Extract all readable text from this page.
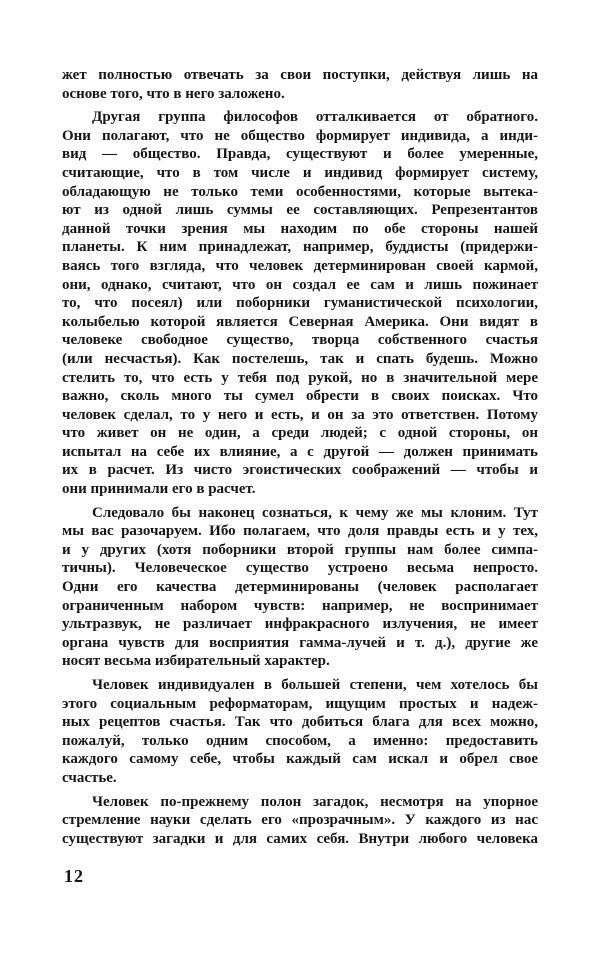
жет полностью отвечать за свои поступки, действуя лишь на
основе того, что в него заложено.
Другая группа философов отталкивается от обратного.
Они полагают, что не общество формирует индивида, а инди-
вид — общество. Правда, существуют и более умеренные,
считающие, что в том числе и индивид формирует систему,
обладающую не только теми особенностями, которые вытека-
ют из одной лишь суммы ее составляющих. Репрезентантов
данной точки зрения мы находим по обе стороны нашей
планеты. К ним принадлежат, например, буддисты (придержи-
ваясь того взгляда, что человек детерминирован своей кармой,
они, однако, считают, что он создал ее сам и лишь пожинает
то, что посеял) или поборники гуманистической психологии,
колыбелью которой является Северная Америка. Они видят в
человеке свободное существо, творца собственного счастья
(или несчастья). Как постелешь, так и спать будешь. Можно
стелить то, что есть у тебя под рукой, но в значительной мере
важно, сколь много ты сумел обрести в своих поисках. Что
человек сделал, то у него и есть, и он за это ответствен. Потому
что живет он не один, а среди людей; с одной стороны, он
испытал на себе их влияние, а с другой — должен принимать
их в расчет. Из чисто эгоистических соображений — чтобы и
они принимали его в расчет.
Следовало бы наконец сознаться, к чему же мы клоним. Тут
мы вас разочаруем. Ибо полагаем, что доля правды есть и у тех,
и у других (хотя поборники второй группы нам более симпа-
тичны). Человеческое существо устроено весьма непросто.
Одни его качества детерминированы (человек располагает
ограниченным набором чувств: например, не воспринимает
ультразвук, не различает инфракрасного излучения, не имеет
органа чувств для восприятия гамма-лучей и т. д.), другие же
носят весьма избирательный характер.
Человек индивидуален в большей степени, чем хотелось бы
этого социальным реформаторам, ищущим простых и надеж-
ных рецептов счастья. Так что добиться блага для всех можно,
пожалуй, только одним способом, а именно: предоставить
каждого самому себе, чтобы каждый сам искал и обрел свое
счастье.
Человек по-прежнему полон загадок, несмотря на упорное
стремление науки сделать его «прозрачным». У каждого из нас
существуют загадки и для самих себя. Внутри любого человека
12
